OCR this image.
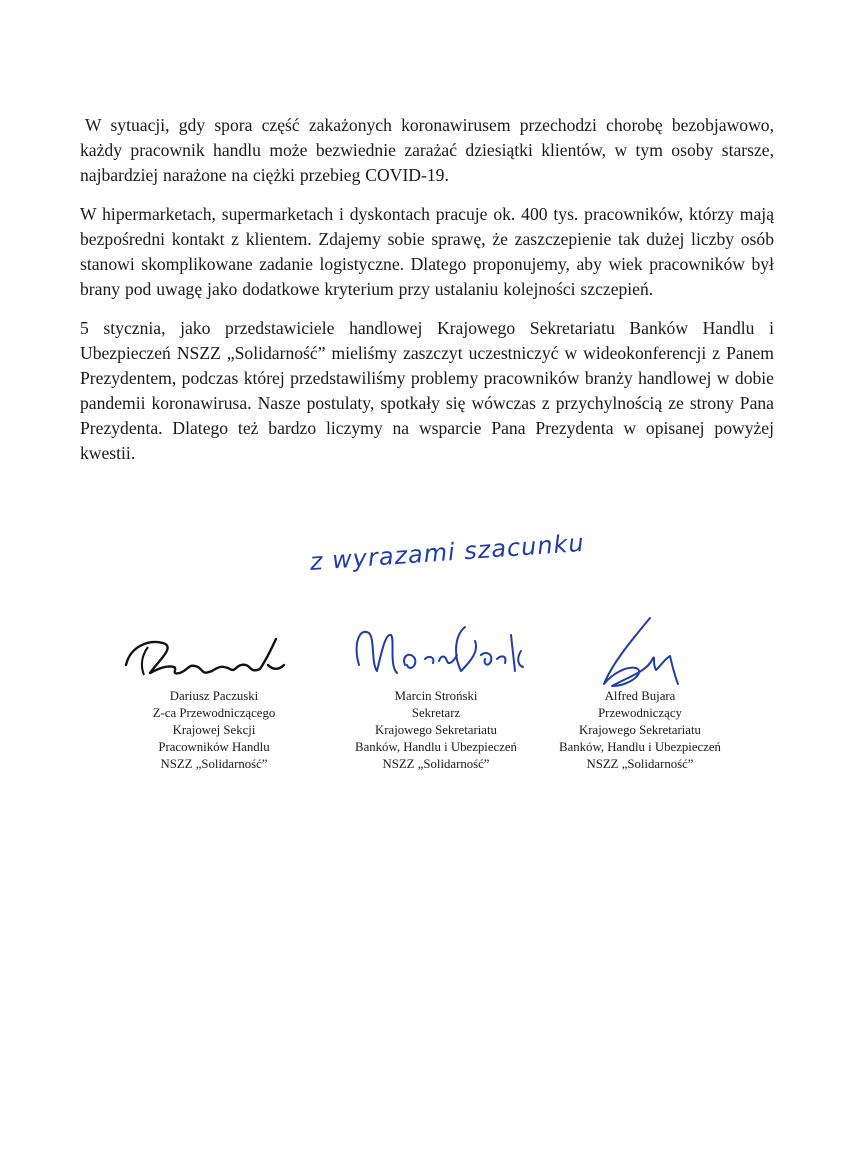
W sytuacji, gdy spora część zakażonych koronawirusem przechodzi chorobę bezobjawowo, każdy pracownik handlu może bezwiednie zarażać dziesiątki klientów, w tym osoby starsze, najbardziej narażone na ciężki przebieg COVID-19.

W hipermarketach, supermarketach i dyskontach pracuje ok. 400 tys. pracowników, którzy mają bezpośredni kontakt z klientem. Zdajemy sobie sprawę, że zaszczepienie tak dużej liczby osób stanowi skomplikowane zadanie logistyczne. Dlatego proponujemy, aby wiek pracowników był brany pod uwagę jako dodatkowe kryterium przy ustalaniu kolejności szczepień.

5 stycznia, jako przedstawiciele handlowej Krajowego Sekretariatu Banków Handlu i Ubezpieczeń NSZZ „Solidarność” mieliśmy zaszczyt uczestniczyć w wideokonferencji z Panem Prezydentem, podczas której przedstawiliśmy problemy pracowników branży handlowej w dobie pandemii koronawirusa. Nasze postulaty, spotkały się wówczas z przychylnością ze strony Pana Prezydenta. Dlatego też bardzo liczymy na wsparcie Pana Prezydenta w opisanej powyżej kwestii.

z wyrazami szacunku
Dariusz Paczuski
Z-ca Przewodniczącego
Krajowej Sekcji
Pracowników Handlu
NSZZ „Solidarność”
Marcin Stroński
Sekretarz
Krajowego Sekretariatu
Banków, Handlu i Ubezpieczeń
NSZZ „Solidarność”
Alfred Bujara
Przewodniczący
Krajowego Sekretariatu
Banków, Handlu i Ubezpieczeń
NSZZ „Solidarność”
